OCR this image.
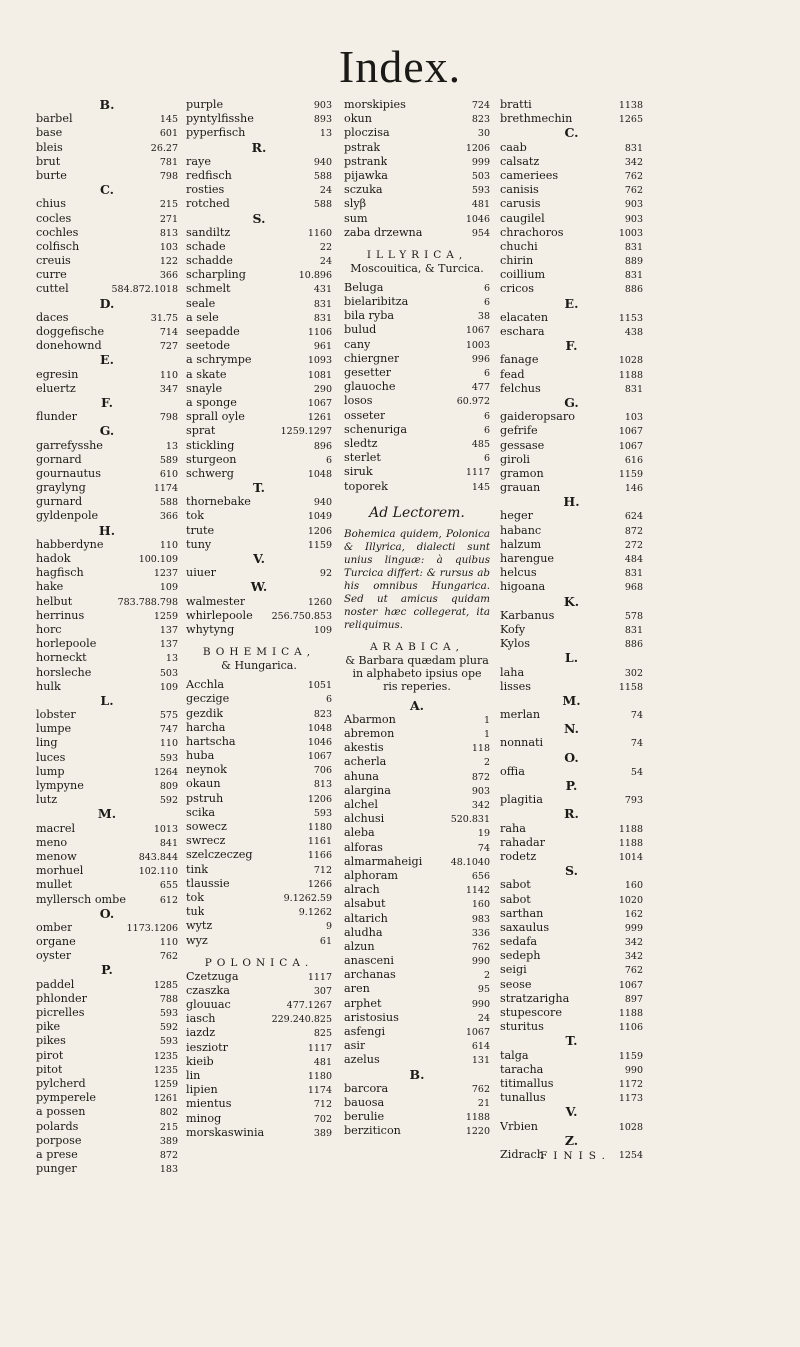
Index.
B.
barbel	145
base	601
bleis	26.27
brut	781
burte	798
C.
chius	215
cocles	271
cochles	813
colfisch	103
creuis	122
curre	366
cuttel	584.872.1018
D.
daces	31.75
doggefische	714
donehownd	727
E.
egresin	110
eluertz	347
F.
flunder	798
G.
garrefysshe	13
gornard	589
gournautus	610
graylyng	1174
gurnard	588
gyldenpole	366
H.
habberdyne	110
hadok	100.109
hagfisch	1237
hake	109
helbut	783.788.798
herrinus	1259
horc	137
horlepoole	137
horneckt	13
horsleche	503
hulk	109
L.
lobster	575
lumpe	747
ling	110
luces	593
lump	1264
lympyne	809
lutz	592
M.
macrel	1013
meno	841
menow	843.844
morhuel	102.110
mullet	655
myllersch ombe	612
O.
omber	1173.1206
organe	110
oyster	762
P.
paddel	1285
phlonder	788
picrelles	593
pike	592
pikes	593
pirot	1235
pitot	1235
pylcherd	1259
pymperele	1261
a possen	802
polards	215
porpose	389
a prese	872
punger	183
purple	903
pyntylfisshe	893
pyperfisch	13
R.
raye	940
redfisch	588
rosties	24
rotched	588
S.
sandiltz	1160
schade	22
schadde	24
scharpling	10.896
schmelt	431
seale	831
a sele	831
seepadde	1106
seetode	961
a schrympe	1093
a skate	1081
snayle	290
a sponge	1067
sprall oyle	1261
sprat	1259.1297
stickling	896
sturgeon	6
schwerg	1048
T.
thornebake	940
tok	1049
trute	1206
tuny	1159
V.
uiuer	92
W.
walmester	1260
whirlepoole	256.750.853
whytyng	109
BOHEMICA,
& Hungarica.
Acchla	1051
geczige	6
gezdik	823
harcha	1048
hartscha	1046
huba	1067
neynok	706
okaun	813
pstruh	1206
scika	593
sowecz	1180
swrecz	1161
szelczeczeg	1166
tink	712
tlaussie	1266
tok	9.1262.59
tuk	9.1262
wytz	9
wyz	61
POLONICA.
Czetzuga	1117
czaszka	307
glouuac	477.1267
iasch	229.240.825
iazdz	825
iesziotr	1117
kieib	481
lin	1180
lipien	1174
mientus	712
minog	702
morskaswinia	389
morskipies	724
okun	823
ploczisa	30
pstrak	1206
pstrank	999
pijawka	503
sczuka	593
slyβ	481
sum	1046
zaba drzewna	954
ILLYRICA,
Moscouitica, & Turcica.
Beluga	6
bielaribitza	6
bila ryba	38
bulud	1067
cany	1003
chiergner	996
gesetter	6
glauoche	477
losos	60.972
osseter	6
schenuriga	6
sledtz	485
sterlet	6
siruk	1117
toporek	145
Ad Lectorem.
Bohemica quidem, Polonica & Illyrica, dialecti sunt unius linguæ: à quibus Turcica differt: & rursus ab his omnibus Hungarica. Sed ut amicus quidam noster hæc collegerat, ita reliquimus.
ARABICA,
& Barbara quædam plura in alphabeto ipsius ope ris reperies.
A.
Abarmon	1
abremon	1
akestis	118
acherla	2
ahuna	872
alargina	903
alchel	342
alchusi	520.831
aleba	19
alforas	74
almarmaheigi	48.1040
alphoram	656
alrach	1142
alsabut	160
altarich	983
aludha	336
alzun	762
anasceni	990
archanas	2
aren	95
arphet	990
aristosius	24
asfengi	1067
asir	614
azelus	131
B.
barcora	762
bauosa	21
berulie	1188
berziticon	1220
bratti	1138
brethmechin	1265
C.
caab	831
calsatz	342
cameriees	762
canisis	762
carusis	903
caugilel	903
chrachoros	1003
chuchi	831
chirin	889
coillium	831
cricos	886
E.
elacaten	1153
eschara	438
F.
fanage	1028
fead	1188
felchus	831
G.
gaideropsaro	103
gefrife	1067
gessase	1067
giroli	616
gramon	1159
grauan	146
H.
heger	624
habanc	872
halzum	272
harengue	484
helcus	831
higoana	968
K.
Karbanus	578
Kofy	831
Kylos	886
L.
laha	302
lisses	1158
M.
merlan	74
N.
nonnati	74
O.
offia	54
P.
plagitia	793
R.
raha	1188
rahadar	1188
rodetz	1014
S.
sabot	160
sabot	1020
sarthan	162
saxaulus	999
sedafa	342
sedeph	342
seigi	762
seose	1067
stratzarigha	897
stupescore	1188
sturitus	1106
T.
talga	1159
taracha	990
titimallus	1172
tunallus	1173
V.
Vrbien	1028
Z.
Zidrach	1254
FINIS.
